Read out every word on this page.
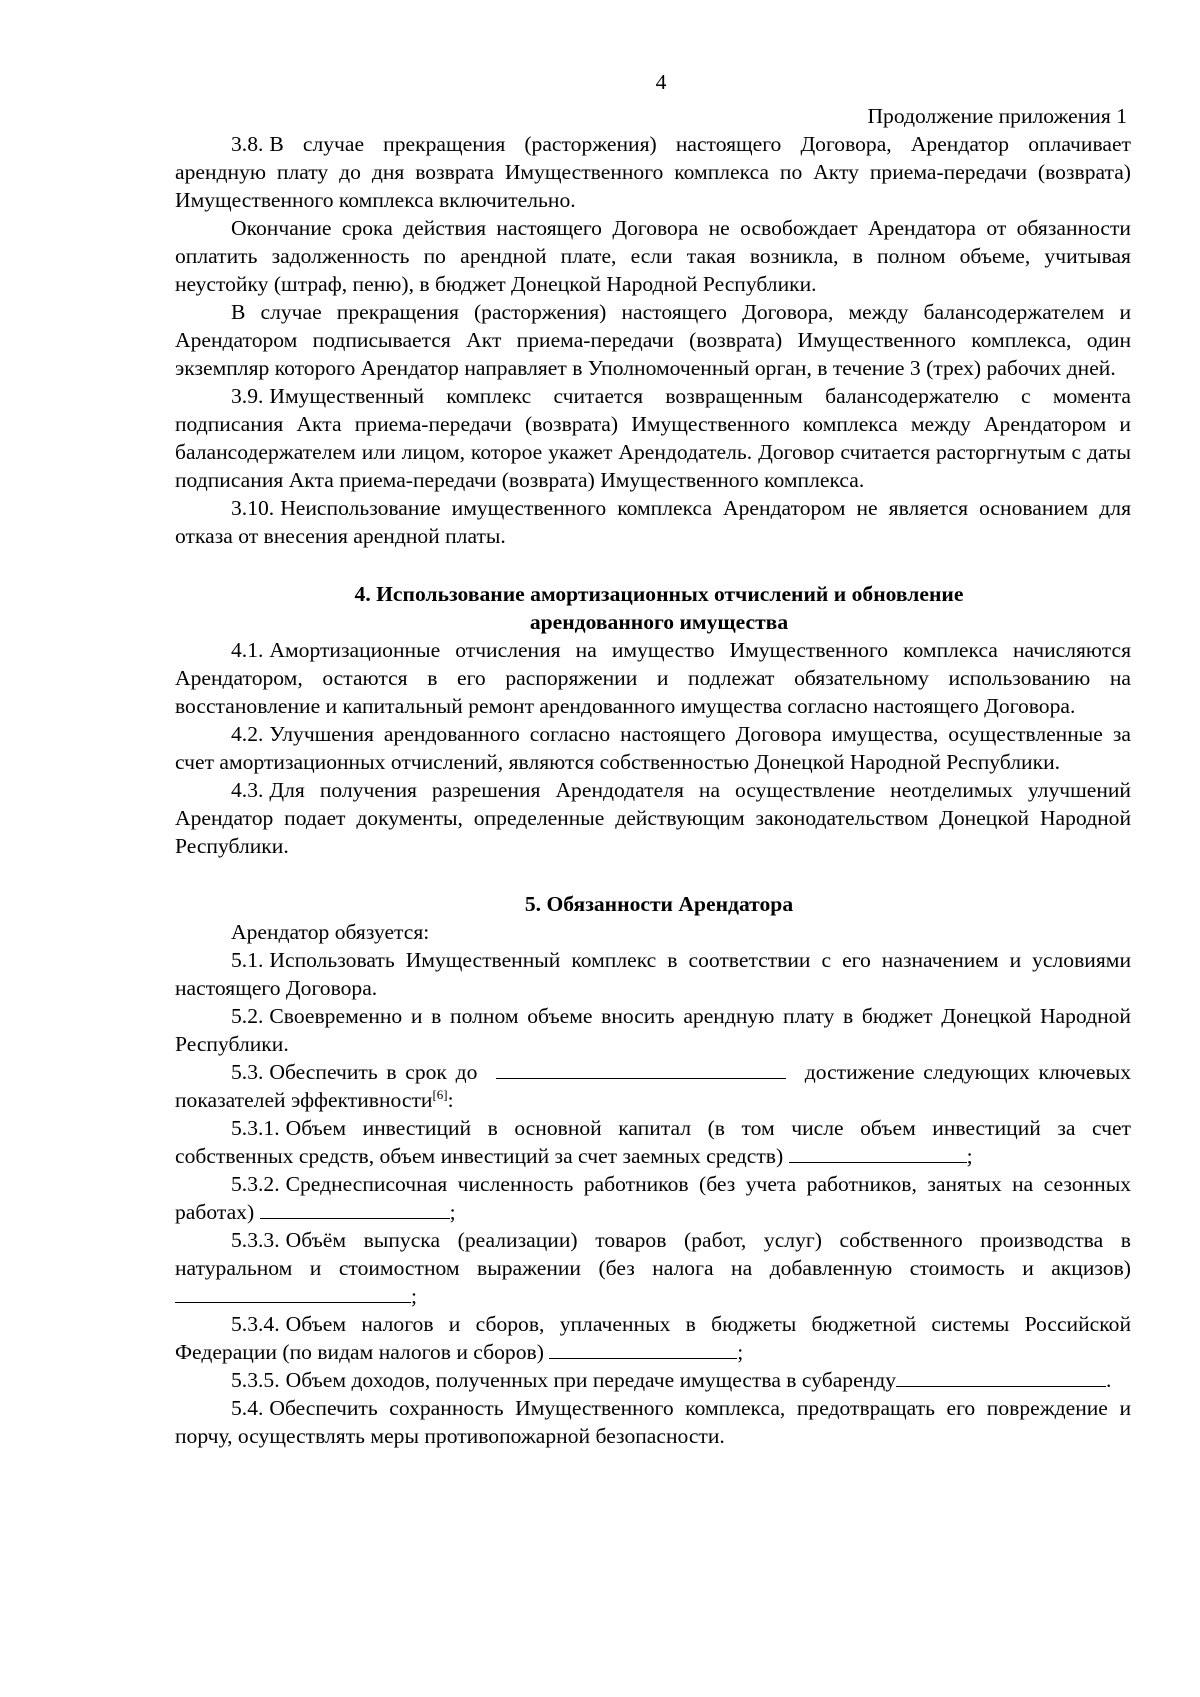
4

Продолжение приложения 1

3.8. В случае прекращения (расторжения) настоящего Договора, Арендатор оплачивает арендную плату до дня возврата Имущественного комплекса по Акту приема-передачи (возврата) Имущественного комплекса включительно.

Окончание срока действия настоящего Договора не освобождает Арендатора от обязанности оплатить задолженность по арендной плате, если такая возникла, в полном объеме, учитывая неустойку (штраф, пеню), в бюджет Донецкой Народной Республики.

В случае прекращения (расторжения) настоящего Договора, между балансодержателем и Арендатором подписывается Акт приема-передачи (возврата) Имущественного комплекса, один экземпляр которого Арендатор направляет в Уполномоченный орган, в течение 3 (трех) рабочих дней.

3.9. Имущественный комплекс считается возвращенным балансодержателю с момента подписания Акта приема-передачи (возврата) Имущественного комплекса между Арендатором и балансодержателем или лицом, которое укажет Арендодатель. Договор считается расторгнутым с даты подписания Акта приема-передачи (возврата) Имущественного комплекса.

3.10. Неиспользование имущественного комплекса Арендатором не является основанием для отказа от внесения арендной платы.

4. Использование амортизационных отчислений и обновление
арендованного имущества

4.1. Амортизационные отчисления на имущество Имущественного комплекса начисляются Арендатором, остаются в его распоряжении и подлежат обязательному использованию на восстановление и капитальный ремонт арендованного имущества согласно настоящего Договора.

4.2. Улучшения арендованного согласно настоящего Договора имущества, осуществленные за счет амортизационных отчислений, являются собственностью Донецкой Народной Республики.

4.3. Для получения разрешения Арендодателя на осуществление неотделимых улучшений Арендатор подает документы, определенные действующим законодательством Донецкой Народной Республики.

5. Обязанности Арендатора

Арендатор обязуется:

5.1. Использовать Имущественный комплекс в соответствии с его назначением и условиями настоящего Договора.

5.2. Своевременно и в полном объеме вносить арендную плату в бюджет Донецкой Народной Республики.

5.3. Обеспечить в срок до	достижение следующих ключевых показателей эффективности[6]:

5.3.1. Объем инвестиций в основной капитал (в том числе объем инвестиций за счет собственных средств, объем инвестиций за счет заемных средств)	;

5.3.2. Среднесписочная численность работников (без учета работников, занятых на сезонных работах)	;

5.3.3. Объём выпуска (реализации) товаров (работ, услуг) собственного производства в натуральном и стоимостном выражении (без налога на добавленную стоимость и акцизов) ;

5.3.4. Объем налогов и сборов, уплаченных в бюджеты бюджетной системы Российской Федерации (по видам налогов и сборов)	;

5.3.5. Объем доходов, полученных при передаче имущества в субаренду	.

5.4. Обеспечить сохранность Имущественного комплекса, предотвращать его повреждение и порчу, осуществлять меры противопожарной безопасности.
